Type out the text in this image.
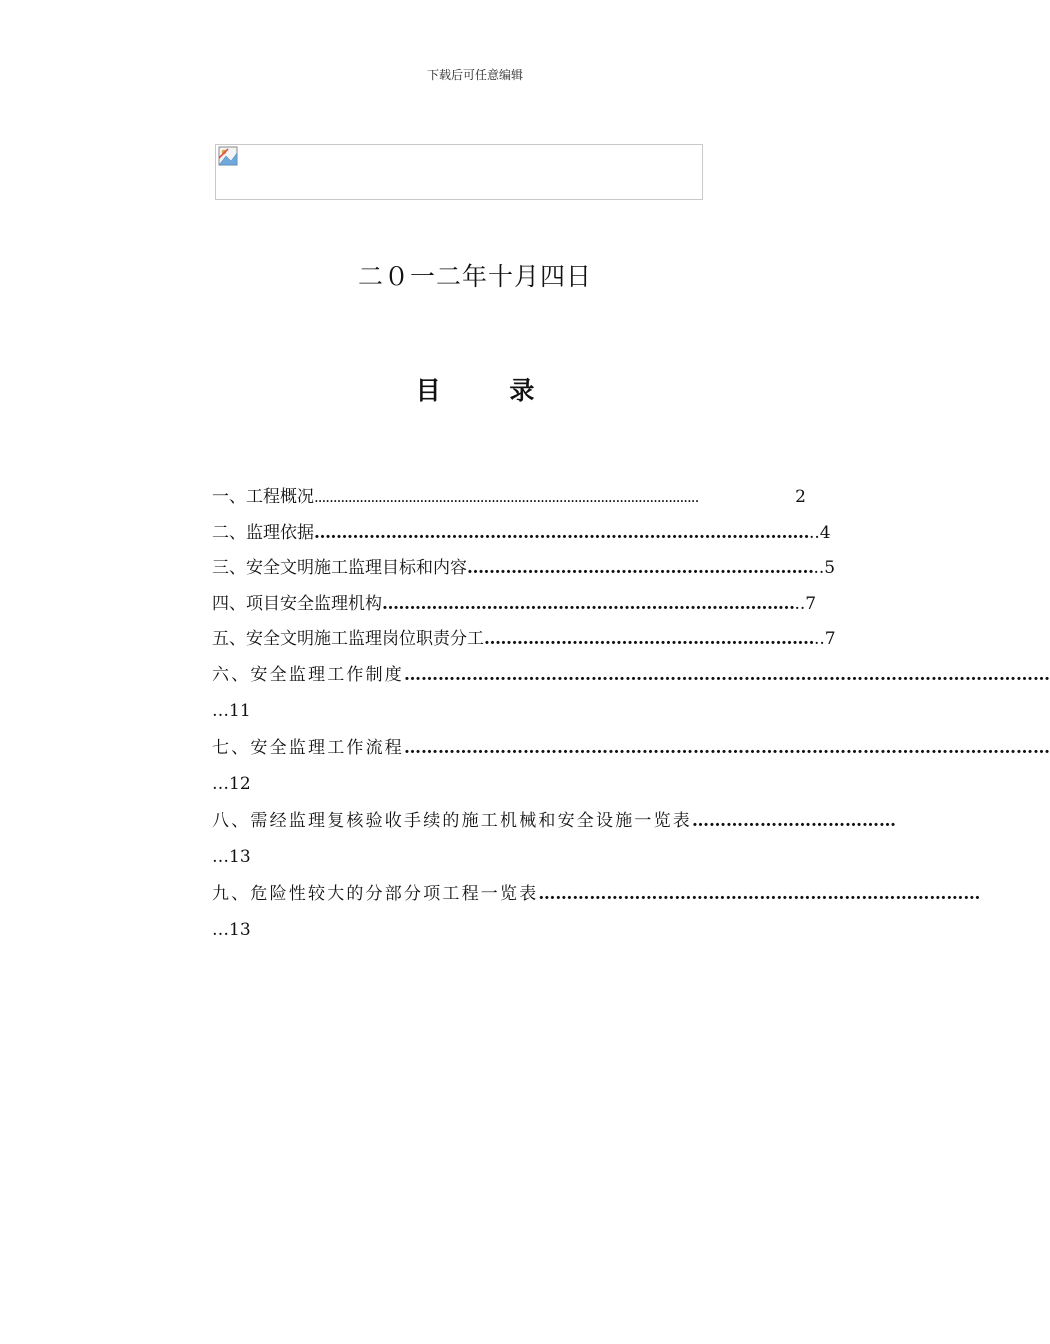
下载后可任意编辑
二０一二年十月四日
目 录
一、工程概况 ......................................................................................................	2
二、监理依据 ……………………………………………………………………………… ..4
三、安全文明施工监理目标和内容 ……………………………………………………… ..5
四、项目安全监理机构 ………………………………………………………………… ..7
五、安全文明施工监理岗位职责分工 …………………………………………………… ..7
六、安全监理工作制度 ……………………………………………………………………………………………………
…11
七、安全监理工作流程 ……………………………………………………………………………………………………
…12
八、需经监理复核验收手续的施工机械和安全设施一览表 ………………………………
…13
九、危险性较大的分部分项工程一览表 ……………………………………………………………………
…13
